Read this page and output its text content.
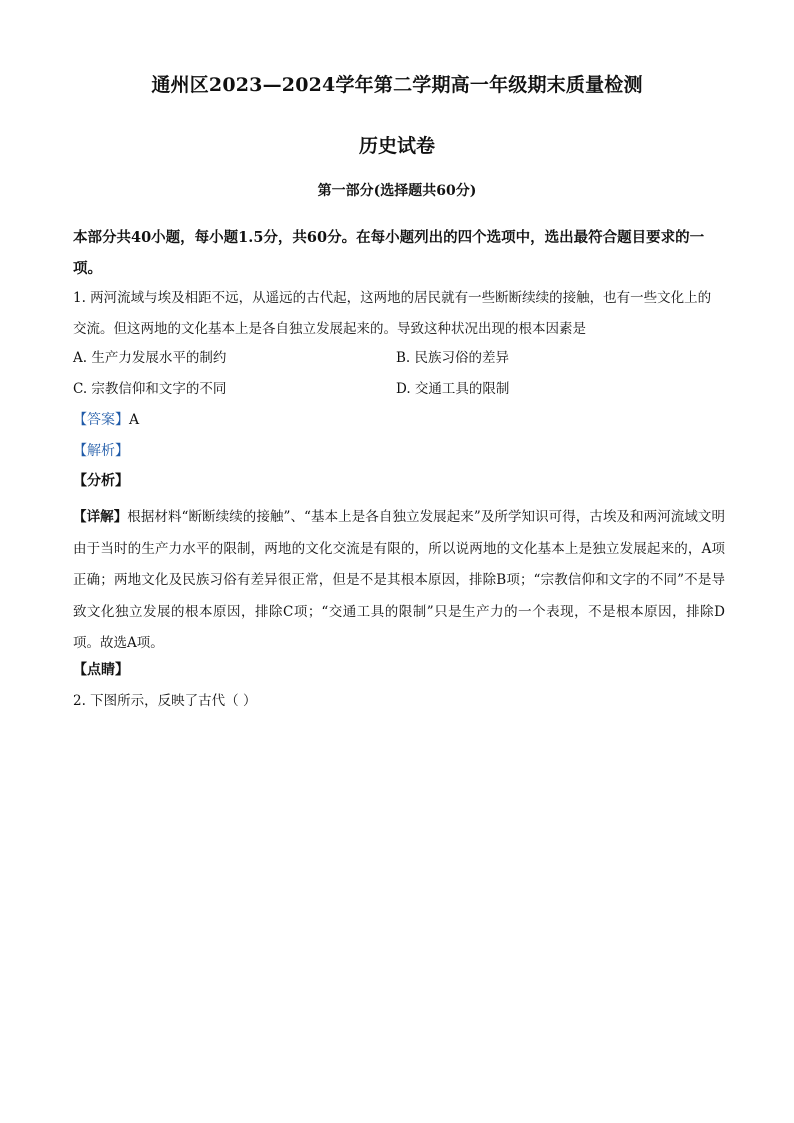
通州区2023—2024学年第二学期高一年级期末质量检测
历史试卷
第一部分(选择题共60分)
本部分共40小题，每小题1.5分，共60分。在每小题列出的四个选项中，选出最符合题目要求的一项。
1. 两河流域与埃及相距不远，从遥远的古代起，这两地的居民就有一些断断续续的接触，也有一些文化上的交流。但这两地的文化基本上是各自独立发展起来的。导致这种状况出现的根本因素是
A. 生产力发展水平的制约	B. 民族习俗的差异
C. 宗教信仰和文字的不同	D. 交通工具的限制
【答案】A
【解析】
【分析】
【详解】根据材料“断断续续的接触”、“基本上是各自独立发展起来”及所学知识可得，古埃及和两河流域文明由于当时的生产力水平的限制，两地的文化交流是有限的，所以说两地的文化基本上是独立发展起来的，A项正确；两地文化及民族习俗有差异很正常，但是不是其根本原因，排除B项；“宗教信仰和文字的不同”不是导致文化独立发展的根本原因，排除C项；“交通工具的限制”只是生产力的一个表现，不是根本原因，排除D项。故选A项。
【点睛】
2. 下图所示，反映了古代（ ）
